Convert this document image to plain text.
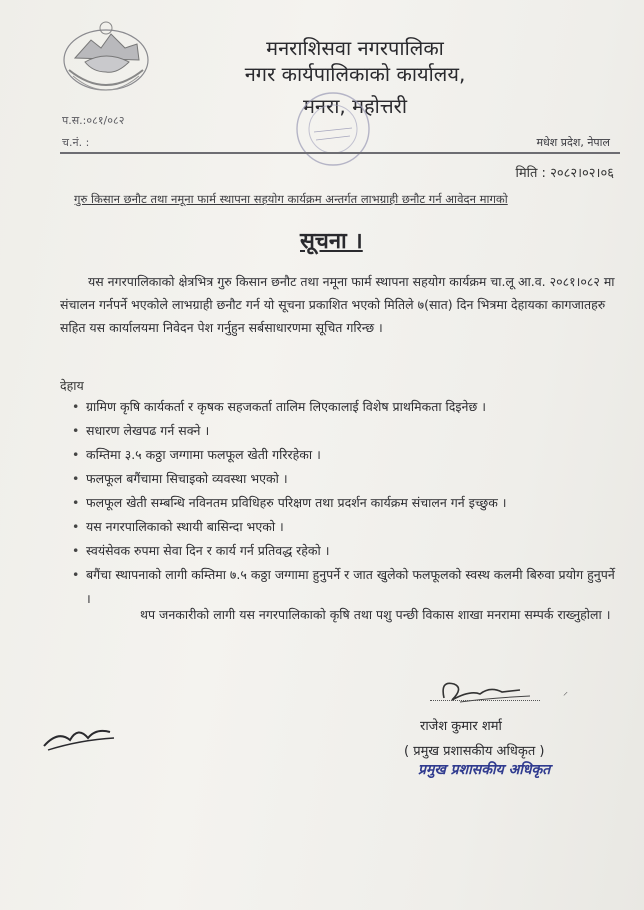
मनराशिसवा नगरपालिका
नगर कार्यपालिकाको कार्यालय,
मनरा, महोत्तरी
प.स.:०८१/०८२
च.नं. :	मधेश प्रदेश, नेपाल
मिति : २०८२।०२।०६
गुरु किसान छनौट तथा नमूना फार्म स्थापना सहयोग कार्यक्रम अन्तर्गत लाभग्राही छनौट गर्न आवेदन मागको
सूचना ।
यस नगरपालिकाको क्षेत्रभित्र गुरु किसान छनौट तथा नमूना फार्म स्थापना सहयोग कार्यक्रम चा.लू आ.व. २०८१।०८२ मा संचालन गर्नपर्ने भएकोले लाभग्राही छनौट गर्न यो सूचना प्रकाशित भएको मितिले ७(सात) दिन भित्रमा देहायका कागजातहरु सहित यस कार्यालयमा निवेदन पेश गर्नुहुन सर्बसाधारणमा सूचित गरिन्छ ।
देहाय
• ग्रामिण कृषि कार्यकर्ता र कृषक सहजकर्ता तालिम लिएकालाई विशेष प्राथमिकता दिइनेछ ।
• सधारण लेखपढ गर्न सक्ने ।
• कम्तिमा ३.५ कठ्ठा जग्गामा फलफूल खेती गरिरहेका ।
• फलफूल बगैंचामा सिचाइको व्यवस्था भएको ।
• फलफूल खेती सम्बन्धि नविनतम प्रविधिहरु परिक्षण तथा प्रदर्शन कार्यक्रम संचालन गर्न इच्छुक ।
• यस नगरपालिकाको स्थायी बासिन्दा भएको ।
• स्वयंसेवक रुपमा सेवा दिन र कार्य गर्न प्रतिवद्ध रहेको ।
• बगैंचा स्थापनाको लागी कम्तिमा ७.५ कठ्ठा जग्गामा हुनुपर्ने र जात खुलेको फलफूलको स्वस्थ कलमी बिरुवा प्रयोग हुनुपर्ने ।
थप जनकारीको लागी यस नगरपालिकाको कृषि तथा पशु पन्छी विकास शाखा मनरामा सम्पर्क राख्नुहोला ।
⸍
राजेश कुमार शर्मा
( प्रमुख प्रशासकीय अधिकृत )
प्रमुख प्रशासकीय अधिकृत
